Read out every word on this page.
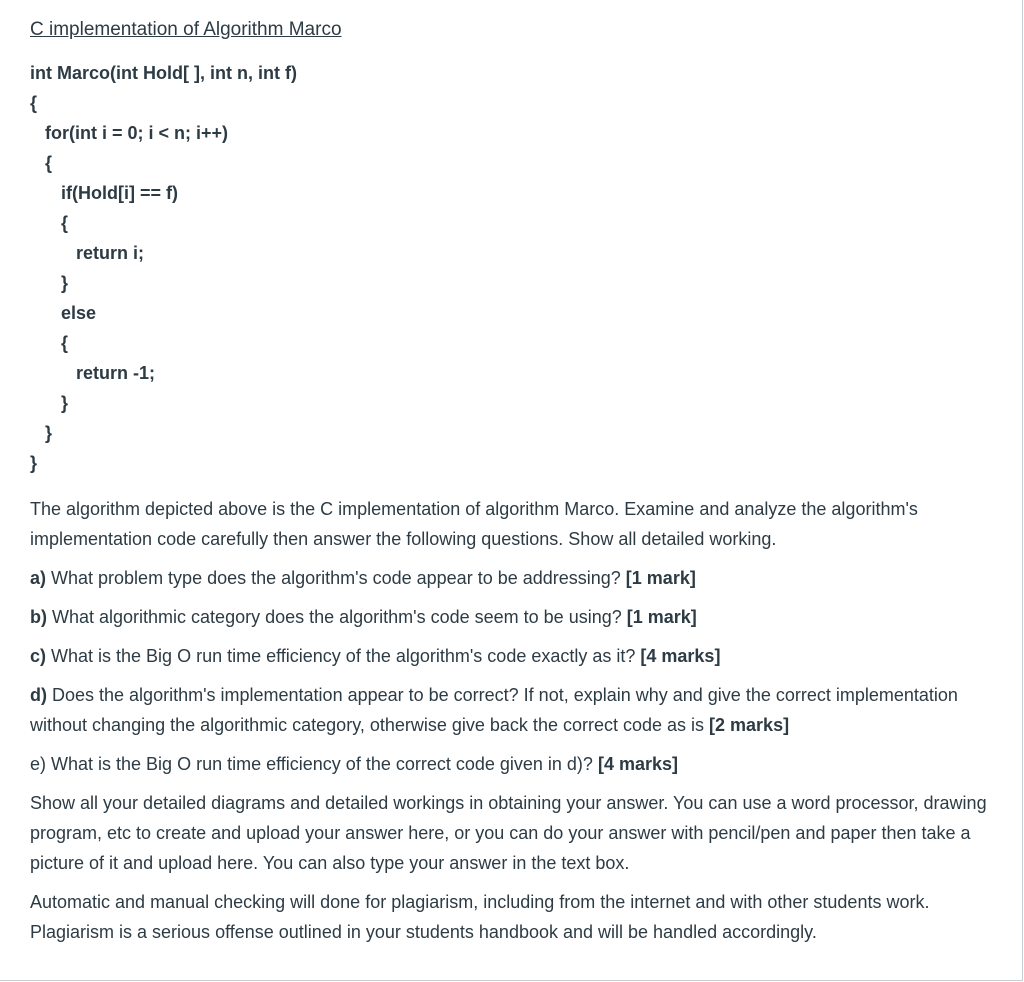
C implementation of Algorithm Marco
int Marco(int Hold[ ], int n, int f)
{
for(int i = 0; i < n; i++)
{
if(Hold[i] == f)
{
return i;
}
else
{
return -1;
}
}
}

The algorithm depicted above is the C implementation of algorithm Marco. Examine and analyze the algorithm's implementation code carefully then answer the following questions. Show all detailed working.

a) What problem type does the algorithm's code appear to be addressing? [1 mark]

b) What algorithmic category does the algorithm's code seem to be using? [1 mark]

c) What is the Big O run time efficiency of the algorithm's code exactly as it? [4 marks]

d) Does the algorithm's implementation appear to be correct? If not, explain why and give the correct implementation without changing the algorithmic category, otherwise give back the correct code as is [2 marks]

e) What is the Big O run time efficiency of the correct code given in d)? [4 marks]

Show all your detailed diagrams and detailed workings in obtaining your answer. You can use a word processor, drawing program, etc to create and upload your answer here, or you can do your answer with pencil/pen and paper then take a picture of it and upload here. You can also type your answer in the text box.

Automatic and manual checking will done for plagiarism, including from the internet and with other students work. Plagiarism is a serious offense outlined in your students handbook and will be handled accordingly.
